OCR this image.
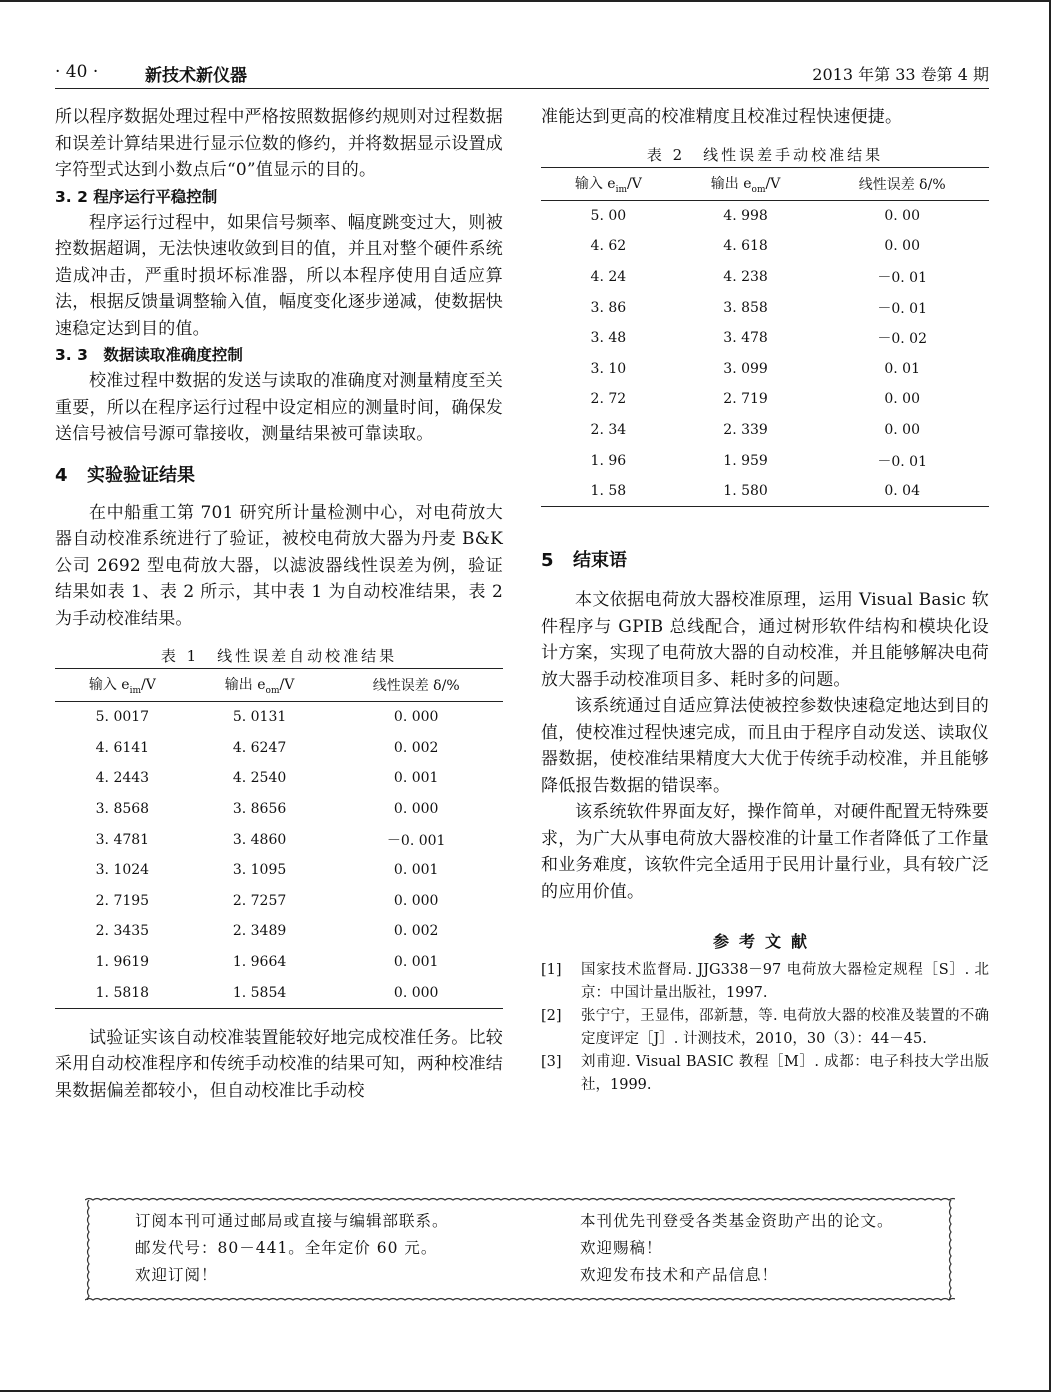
· 40 ·	新技术新仪器	2013 年第 33 卷第 4 期

所以程序数据处理过程中严格按照数据修约规则对过程数据和误差计算结果进行显示位数的修约，并将数据显示设置成字符型式达到小数点后“0”值显示的目的。

3. 2 程序运行平稳控制

程序运行过程中，如果信号频率、幅度跳变过大，则被控数据超调，无法快速收敛到目的值，并且对整个硬件系统造成冲击，严重时损坏标准器，所以本程序使用自适应算法，根据反馈量调整输入值，幅度变化逐步递减，使数据快速稳定达到目的值。

3. 3　数据读取准确度控制

校准过程中数据的发送与读取的准确度对测量精度至关重要，所以在程序运行过程中设定相应的测量时间，确保发送信号被信号源可靠接收，测量结果被可靠读取。

4 实验验证结果

在中船重工第 701 研究所计量检测中心，对电荷放大器自动校准系统进行了验证，被校电荷放大器为丹麦 B&K 公司 2692 型电荷放大器，以滤波器线性误差为例，验证结果如表 1、表 2 所示，其中表 1 为自动校准结果，表 2 为手动校准结果。

表 1　线性误差自动校准结果

输入 $e_{im}/V$	输出 $e_{om}/V$	线性误差 δ/%
5. 0017	5. 0131	0. 000
4. 6141	4. 6247	0. 002
4. 2443	4. 2540	0. 001
3. 8568	3. 8656	0. 000
3. 4781	3. 4860	－0. 001
3. 1024	3. 1095	0. 001
2. 7195	2. 7257	0. 000
2. 3435	2. 3489	0. 002
1. 9619	1. 9664	0. 001
1. 5818	1. 5854	0. 000

试验证实该自动校准装置能较好地完成校准任务。比较采用自动校准程序和传统手动校准的结果可知，两种校准结果数据偏差都较小，但自动校准比手动校

准能达到更高的校准精度且校准过程快速便捷。

表 2　线性误差手动校准结果

输入 $e_{im}/V$	输出 $e_{om}/V$	线性误差 δ/%
5. 00	4. 998	0. 00
4. 62	4. 618	0. 00
4. 24	4. 238	－0. 01
3. 86	3. 858	－0. 01
3. 48	3. 478	－0. 02
3. 10	3. 099	0. 01
2. 72	2. 719	0. 00
2. 34	2. 339	0. 00
1. 96	1. 959	－0. 01
1. 58	1. 580	0. 04

5 结束语

本文依据电荷放大器校准原理，运用 Visual Basic 软件程序与 GPIB 总线配合，通过树形软件结构和模块化设计方案，实现了电荷放大器的自动校准，并且能够解决电荷放大器手动校准项目多、耗时多的问题。

该系统通过自适应算法使被控参数快速稳定地达到目的值，使校准过程快速完成，而且由于程序自动发送、读取仪器数据，使校准结果精度大大优于传统手动校准，并且能够降低报告数据的错误率。

该系统软件界面友好，操作简单，对硬件配置无特殊要求，为广大从事电荷放大器校准的计量工作者降低了工作量和业务难度，该软件完全适用于民用计量行业，具有较广泛的应用价值。

参考文献

[1]	国家技术监督局. JJG338－97 电荷放大器检定规程［S］. 北京：中国计量出版社，1997.
[2]	张宁宁，王显伟，邵新慧，等. 电荷放大器的校准及装置的不确定度评定［J］. 计测技术，2010，30（3）：44－45.
[3]	刘甫迎. Visual BASIC 教程［M］. 成都：电子科技大学出版社，1999.
订阅本刊可通过邮局或直接与编辑部联系。
邮发代号：80－441。全年定价 60 元。
欢迎订阅！
本刊优先刊登受各类基金资助产出的论文。
欢迎赐稿！
欢迎发布技术和产品信息！
